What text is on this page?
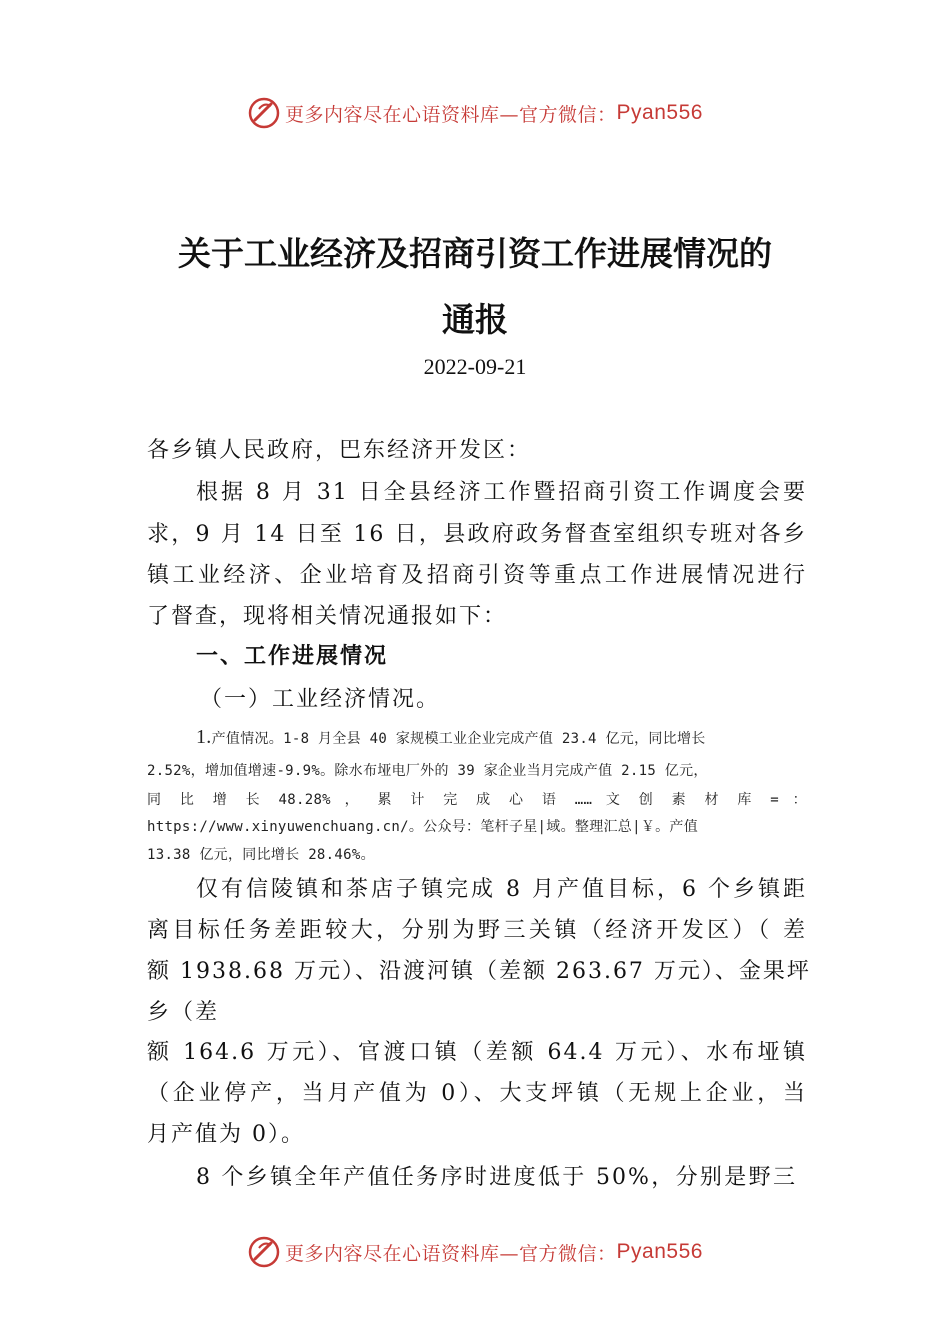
更多内容尽在心语资料库—官方微信： Pyan556
关于工业经济及招商引资工作进展情况的
通报
2022-09-21
各乡镇人民政府，巴东经济开发区：
根据 8 月 31 日全县经济工作暨招商引资工作调度会要
求，9 月 14 日至 16 日，县政府政务督查室组织专班对各乡
镇工业经济、企业培育及招商引资等重点工作进展情况进行
了督查，现将相关情况通报如下：
一、工作进展情况
（一）工业经济情况。
1.产值情况。1-8 月全县 40 家规模工业企业完成产值 23.4 亿元，同比增长
2.52%，增加值增速-9.9%。除水布垭电厂外的 39 家企业当月完成产值 2.15 亿元，
同 比 增 长 48.28% ， 累 计 完 成 心 语 …… 文 创 素 材 库 = ：
https://www.xinyuwenchuang.cn/。公众号：笔杆子星|域。整理汇总|￥。产值
13.38 亿元，同比增长 28.46%。
仅有信陵镇和茶店子镇完成 8 月产值目标，6 个乡镇距
离目标任务差距较大，分别为野三关镇（经济开发区）（ 差
额 1938.68 万元）、沿渡河镇（差额 263.67 万元）、金果坪
乡（差
额 164.6 万元）、官渡口镇（差额 64.4 万元）、水布垭镇
（企业停产，当月产值为 0）、大支坪镇（无规上企业，当
月产值为 0）。
8 个乡镇全年产值任务序时进度低于 50%，分别是野三
更多内容尽在心语资料库—官方微信： Pyan556
